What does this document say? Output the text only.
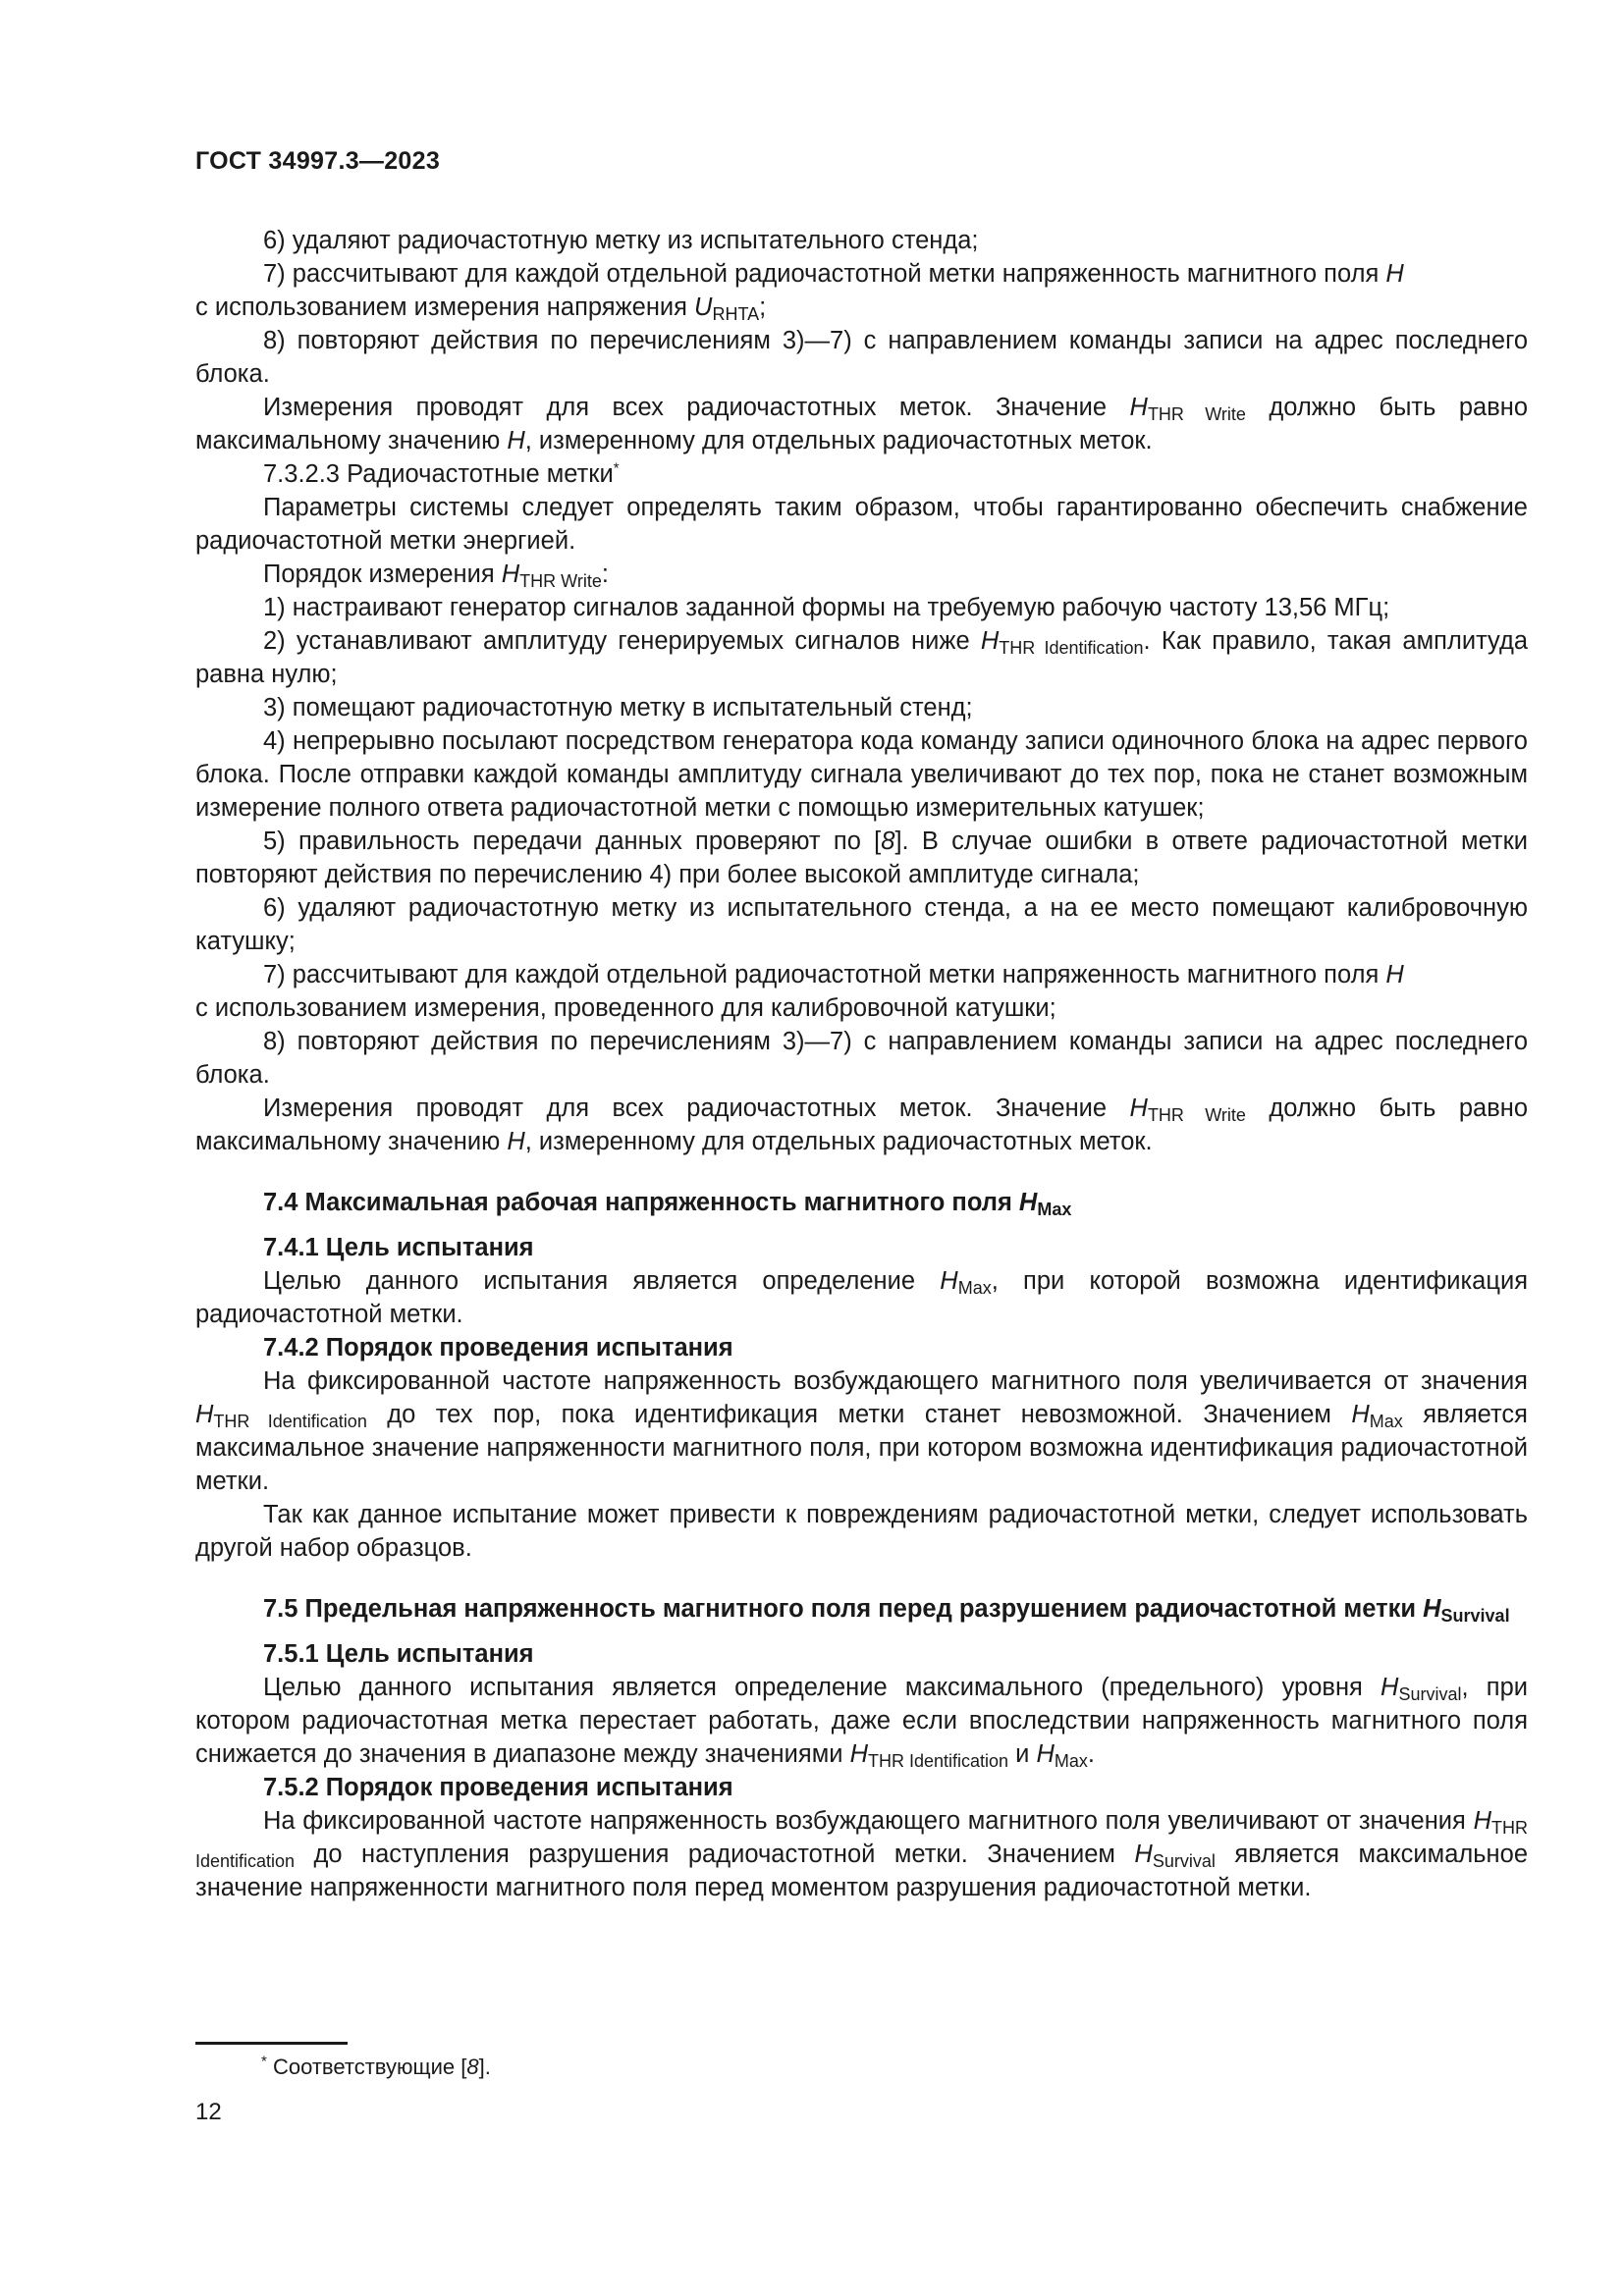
ГОСТ 34997.3—2023

6) удаляют радиочастотную метку из испытательного стенда;

7) рассчитывают для каждой отдельной радиочастотной метки напряженность магнитного поля H
с использованием измерения напряжения $U_{RHTA}$;

8) повторяют действия по перечислениям 3)—7) с направлением команды записи на адрес последнего блока.

Измерения проводят для всех радиочастотных меток. Значение $H_{THR Write}$ должно быть равно максимальному значению H, измеренному для отдельных радиочастотных меток.

7.3.2.3 Радиочастотные метки*

Параметры системы следует определять таким образом, чтобы гарантированно обеспечить снабжение радиочастотной метки энергией.

Порядок измерения $H_{THR Write}$:

1) настраивают генератор сигналов заданной формы на требуемую рабочую частоту 13,56 МГц;

2) устанавливают амплитуду генерируемых сигналов ниже $H_{THR Identification}$. Как правило, такая амплитуда равна нулю;

3) помещают радиочастотную метку в испытательный стенд;

4) непрерывно посылают посредством генератора кода команду записи одиночного блока на адрес первого блока. После отправки каждой команды амплитуду сигнала увеличивают до тех пор, пока не станет возможным измерение полного ответа радиочастотной метки с помощью измерительных катушек;

5) правильность передачи данных проверяют по [8]. В случае ошибки в ответе радиочастотной метки повторяют действия по перечислению 4) при более высокой амплитуде сигнала;

6) удаляют радиочастотную метку из испытательного стенда, а на ее место помещают калибровочную катушку;

7) рассчитывают для каждой отдельной радиочастотной метки напряженность магнитного поля H
с использованием измерения, проведенного для калибровочной катушки;

8) повторяют действия по перечислениям 3)—7) с направлением команды записи на адрес последнего блока.

Измерения проводят для всех радиочастотных меток. Значение $H_{THR Write}$ должно быть равно максимальному значению H, измеренному для отдельных радиочастотных меток.

7.4 Максимальная рабочая напряженность магнитного поля $H_{Max}$
7.4.1 Цель испытания

Целью данного испытания является определение $H_{Max}$, при которой возможна идентификация радиочастотной метки.

7.4.2 Порядок проведения испытания

На фиксированной частоте напряженность возбуждающего магнитного поля увеличивается от значения $H_{THR Identification}$ до тех пор, пока идентификация метки станет невозможной. Значением $H_{Max}$ является максимальное значение напряженности магнитного поля, при котором возможна идентификация радиочастотной метки.

Так как данное испытание может привести к повреждениям радиочастотной метки, следует использовать другой набор образцов.

7.5 Предельная напряженность магнитного поля перед разрушением радиочастотной метки $H_{Survival}$
7.5.1 Цель испытания

Целью данного испытания является определение максимального (предельного) уровня $H_{Survival}$, при котором радиочастотная метка перестает работать, даже если впоследствии напряженность магнитного поля снижается до значения в диапазоне между значениями $H_{THR Identification}$ и $H_{Max}$.

7.5.2 Порядок проведения испытания

На фиксированной частоте напряженность возбуждающего магнитного поля увеличивают от значения $H_{THR Identification}$ до наступления разрушения радиочастотной метки. Значением $H_{Survival}$ является максимальное значение напряженности магнитного поля перед моментом разрушения радиочастотной метки.

* Соответствующие [8].
12
